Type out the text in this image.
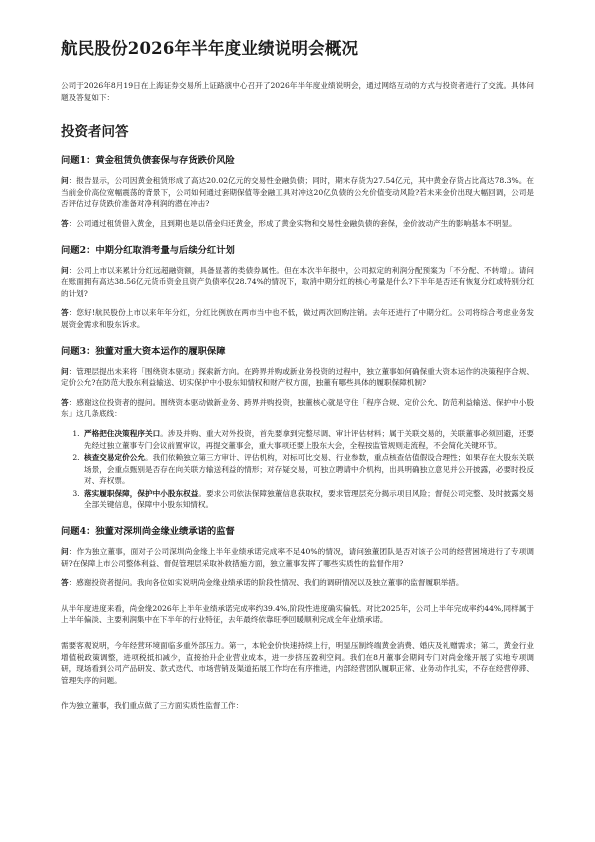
航民股份2026年半年度业绩说明会概况

公司于2026年8月19日在上海证券交易所上证路演中心召开了2026年半年度业绩说明会，通过网络互动的方式与投资者进行了交流。具体问题及答复如下：

投资者问答
问题1：黄金租赁负债套保与存货跌价风险

问：报告显示，公司因黄金租赁形成了高达20.02亿元的交易性金融负债；同时，期末存货为27.54亿元，其中黄金存货占比高达78.3%。在当前金价高位宽幅震荡的背景下，公司如何通过套期保值等金融工具对冲这20亿负债的公允价值变动风险?若未来金价出现大幅回调，公司是否评估过存货跌价准备对净利润的潜在冲击?

答：公司通过租赁借入黄金，且到期也是以借金归还黄金，形成了黄金实物和交易性金融负债的套保，金价波动产生的影响基本不明显。

问题2：中期分红取消考量与后续分红计划

问：公司上市以来累计分红远超融资额，具备显著的类债券属性。但在本次半年报中，公司拟定的利润分配预案为「不分配、不转增」。请问在账面拥有高达38.56亿元货币资金且资产负债率仅28.74%的情况下，取消中期分红的核心考量是什么?下半年是否还有恢复分红或特别分红的计划?

答：您好!航民股份上市以来年年分红，分红比例放在两市当中也不低，做过两次回购注销。去年还进行了中期分红。公司将综合考虑业务发展资金需求和股东诉求。

问题3：独董对重大资本运作的履职保障

问：管理层提出未来将「围绕资本驱动」探索新方向。在跨界并购或新业务投资的过程中，独立董事如何确保重大资本运作的决策程序合规、定价公允?在防范大股东利益输送、切实保护中小股东知情权和财产权方面，独董有哪些具体的履职保障机制?

答：感谢这位投资者的提问。围绕资本驱动做新业务、跨界并购投资，独董核心就是守住「程序合规、定价公允、防范利益输送、保护中小股东」这几条底线：

1. 严格把住决策程序关口。涉及并购、重大对外投资，首先要拿到完整尽调、审计评估材料；属于关联交易的，关联董事必须回避，还要先经过独立董事专门会议前置审议，再提交董事会，重大事项还要上股东大会，全程按监管规则走流程，不会简化关键环节。
2. 核查交易定价公允。我们依赖独立第三方审计、评估机构，对标可比交易、行业参数，重点核查估值假设合理性；如果存在大股东关联场景，会重点甄别是否存在向关联方输送利益的情形；对存疑交易，可独立聘请中介机构，出具明确独立意见并公开披露，必要时投反对、弃权票。
3. 落实履职保障，保护中小股东权益。要求公司依法保障独董信息获取权，要求管理层充分揭示项目风险；督促公司完整、及时披露交易全部关键信息，保障中小股东知情权。
问题4：独董对深圳尚金缘业绩承诺的监督

问：作为独立董事，面对子公司深圳尚金缘上半年业绩承诺完成率不足40%的情况，请问独董团队是否对该子公司的经营困境进行了专项调研?在保障上市公司整体利益、督促管理层采取补救措施方面，独立董事发挥了哪些实质性的监督作用?

答：感谢投资者提问。我向各位如实说明尚金缘业绩承诺的阶段性情况、我们的调研情况以及独立董事的监督履职举措。

从半年度进度来看，尚金缘2026年上半年业绩承诺完成率约39.4%,阶段性进度确实偏低。对比2025年，公司上半年完成率约44%,同样属于上半年偏淡、主要利润集中在下半年的行业特征，去年最终依靠旺季回暖顺利完成全年业绩承诺。

需要客观说明，今年经营环境面临多重外部压力。第一，本轮金价快速持续上行，明显压制终端黄金消费、婚庆及礼赠需求；第二，黄金行业增值税政策调整，进项税抵扣减少，直接抬升企业营业成本，进一步挤压盈利空间。我们在8月董事会期间专门对尚金缘开展了实地专项调研，现场看到公司产品研发、款式迭代、市场营销及渠道拓展工作均在有序推进，内部经营团队履职正常、业务动作扎实，不存在经营停滞、管理失序的问题。

作为独立董事，我们重点做了三方面实质性监督工作：
